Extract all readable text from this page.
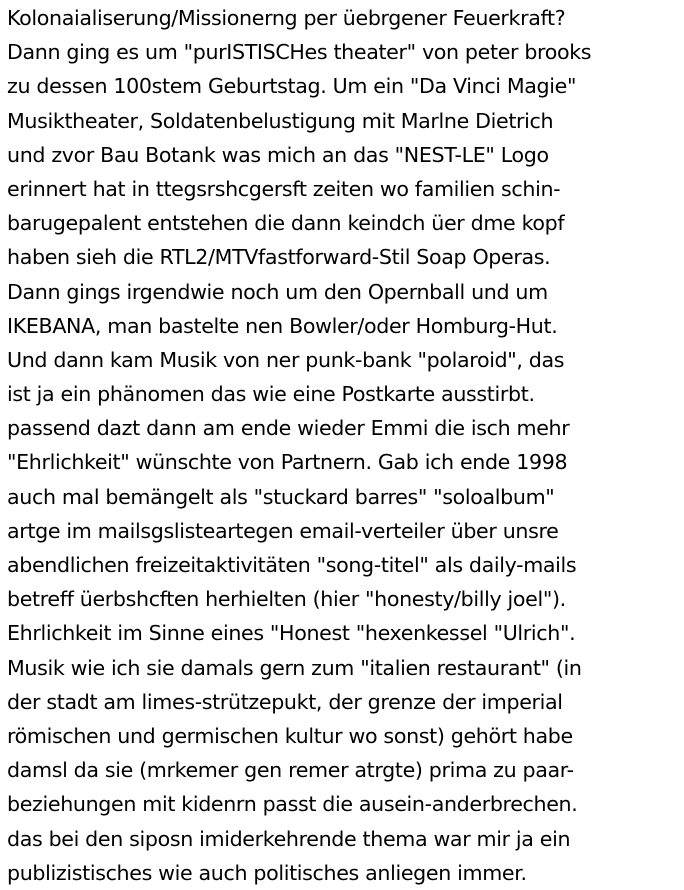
Kolonaialiserung/Missionerng per üebrgener Feuerkraft?
Dann ging es um "purISTISCHes theater" von peter brooks
zu dessen 100stem Geburtstag. Um ein "Da Vinci Magie"
Musiktheater, Soldatenbelustigung mit Marlne Dietrich
und zvor Bau Botank was mich an das "NEST-LE" Logo
erinnert hat in ttegsrshcgersft zeiten wo familien schin-
barugepalent entstehen die dann keindch üer dme kopf
haben sieh die RTL2/MTVfastforward-Stil Soap Operas.
Dann gings irgendwie noch um den Opernball und um
IKEBANA, man bastelte nen Bowler/oder Homburg-Hut.
Und dann kam Musik von ner punk-bank "polaroid", das
ist ja ein phänomen das wie eine Postkarte ausstirbt.
passend dazt dann am ende wieder Emmi die isch mehr
"Ehrlichkeit" wünschte von Partnern. Gab ich ende 1998
auch mal bemängelt als "stuckard barres" "soloalbum"
artge im mailsgslisteartegen email-verteiler über unsre
abendlichen freizeitaktivitäten "song-titel" als daily-mails
betreff üerbshcften herhielten (hier "honesty/billy joel").
Ehrlichkeit im Sinne eines "Honest "hexenkessel "Ulrich".
Musik wie ich sie damals gern zum "italien restaurant" (in
der stadt am limes-strützepukt, der grenze der imperial
römischen und germischen kultur wo sonst) gehört habe
damsl da sie (mrkemer gen remer atrgte) prima zu paar-
beziehungen mit kidenrn passt die ausein-anderbrechen.
das bei den siposn imiderkehrende thema war mir ja ein
publizistisches wie auch politisches anliegen immer.
